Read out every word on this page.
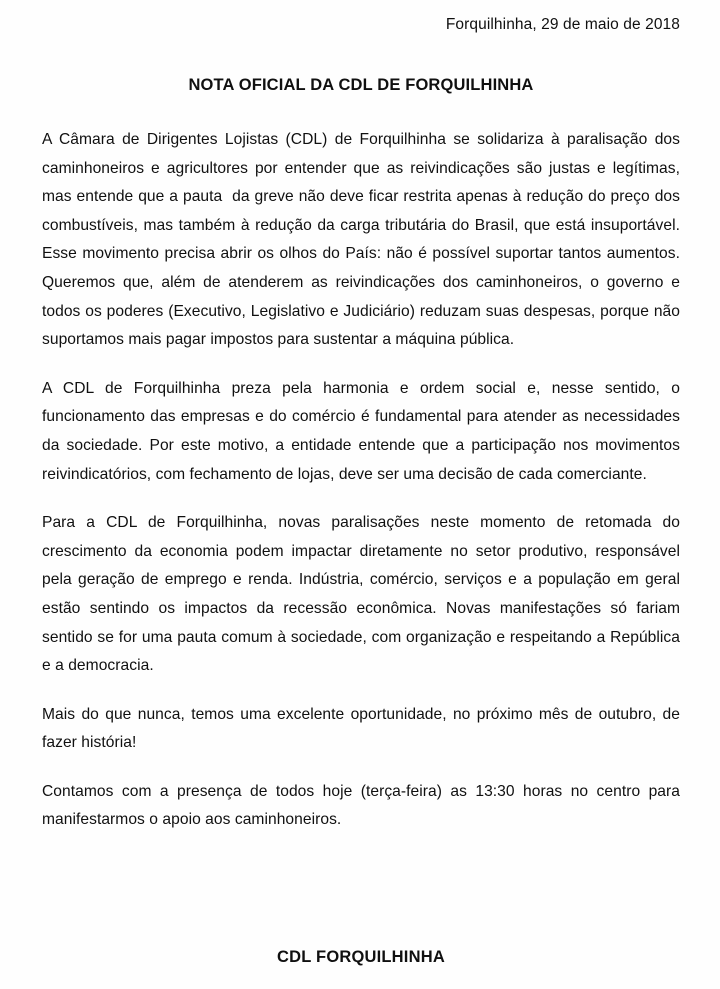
Forquilhinha, 29 de maio de 2018
NOTA OFICIAL DA CDL DE FORQUILHINHA

A Câmara de Dirigentes Lojistas (CDL) de Forquilhinha se solidariza à paralisação dos caminhoneiros e agricultores por entender que as reivindicações são justas e legítimas, mas entende que a pauta  da greve não deve ficar restrita apenas à redução do preço dos combustíveis, mas também à redução da carga tributária do Brasil, que está insuportável. Esse movimento precisa abrir os olhos do País: não é possível suportar tantos aumentos. Queremos que, além de atenderem as reivindicações dos caminhoneiros, o governo e todos os poderes (Executivo, Legislativo e Judiciário) reduzam suas despesas, porque não suportamos mais pagar impostos para sustentar a máquina pública.

A CDL de Forquilhinha preza pela harmonia e ordem social e, nesse sentido, o funcionamento das empresas e do comércio é fundamental para atender as necessidades da sociedade. Por este motivo, a entidade entende que a participação nos movimentos reivindicatórios, com fechamento de lojas, deve ser uma decisão de cada comerciante.

Para a CDL de Forquilhinha, novas paralisações neste momento de retomada do crescimento da economia podem impactar diretamente no setor produtivo, responsável pela geração de emprego e renda. Indústria, comércio, serviços e a população em geral estão sentindo os impactos da recessão econômica. Novas manifestações só fariam sentido se for uma pauta comum à sociedade, com organização e respeitando a República e a democracia.

Mais do que nunca, temos uma excelente oportunidade, no próximo mês de outubro, de fazer história!

Contamos com a presença de todos hoje (terça-feira) as 13:30 horas no centro para manifestarmos o apoio aos caminhoneiros.

CDL FORQUILHINHA
